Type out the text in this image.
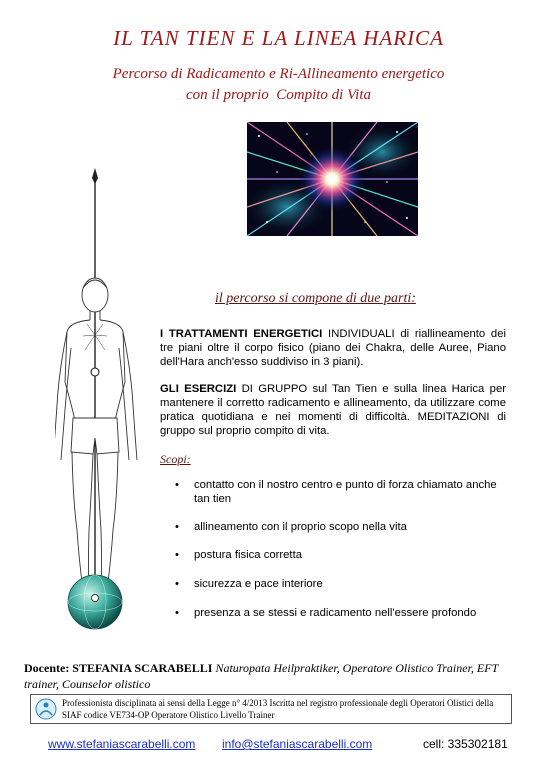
IL TAN TIEN E LA LINEA HARICA
Percorso di Radicamento e Ri-Allineamento energetico
con il proprio  Compito di Vita
il percorso si compone di due parti:
I TRATTAMENTI ENERGETICI INDIVIDUALI di riallineamento dei tre piani oltre il corpo fisico (piano dei Chakra, delle Auree, Piano dell'Hara anch'esso suddiviso in 3 piani).
GLI ESERCIZI DI GRUPPO sul Tan Tien e sulla linea Harica per mantenere il corretto radicamento e allineamento, da utilizzare come pratica quotidiana e nei momenti di difficoltà. MEDITAZIONI di gruppo sul proprio compito di vita.
Scopi:
• contatto con il nostro centro e punto di forza chiamato anche tan tien
• allineamento con il proprio scopo nella vita
• postura fisica corretta
• sicurezza e pace interiore
• presenza a se stessi e radicamento nell'essere profondo
Docente: STEFANIA SCARABELLI Naturopata Heilpraktiker, Operatore Olistico Trainer, EFT trainer, Counselor olistico
Professionista disciplinata ai sensi della Legge n° 4/2013 Iscritta nel registro professionale degli Operatori Olistici della SIAF codice VE734-OP Operatore Olistico Livello Trainer
www.stefaniascarabelli.com info@stefaniascarabelli.com	cell: 335302181
